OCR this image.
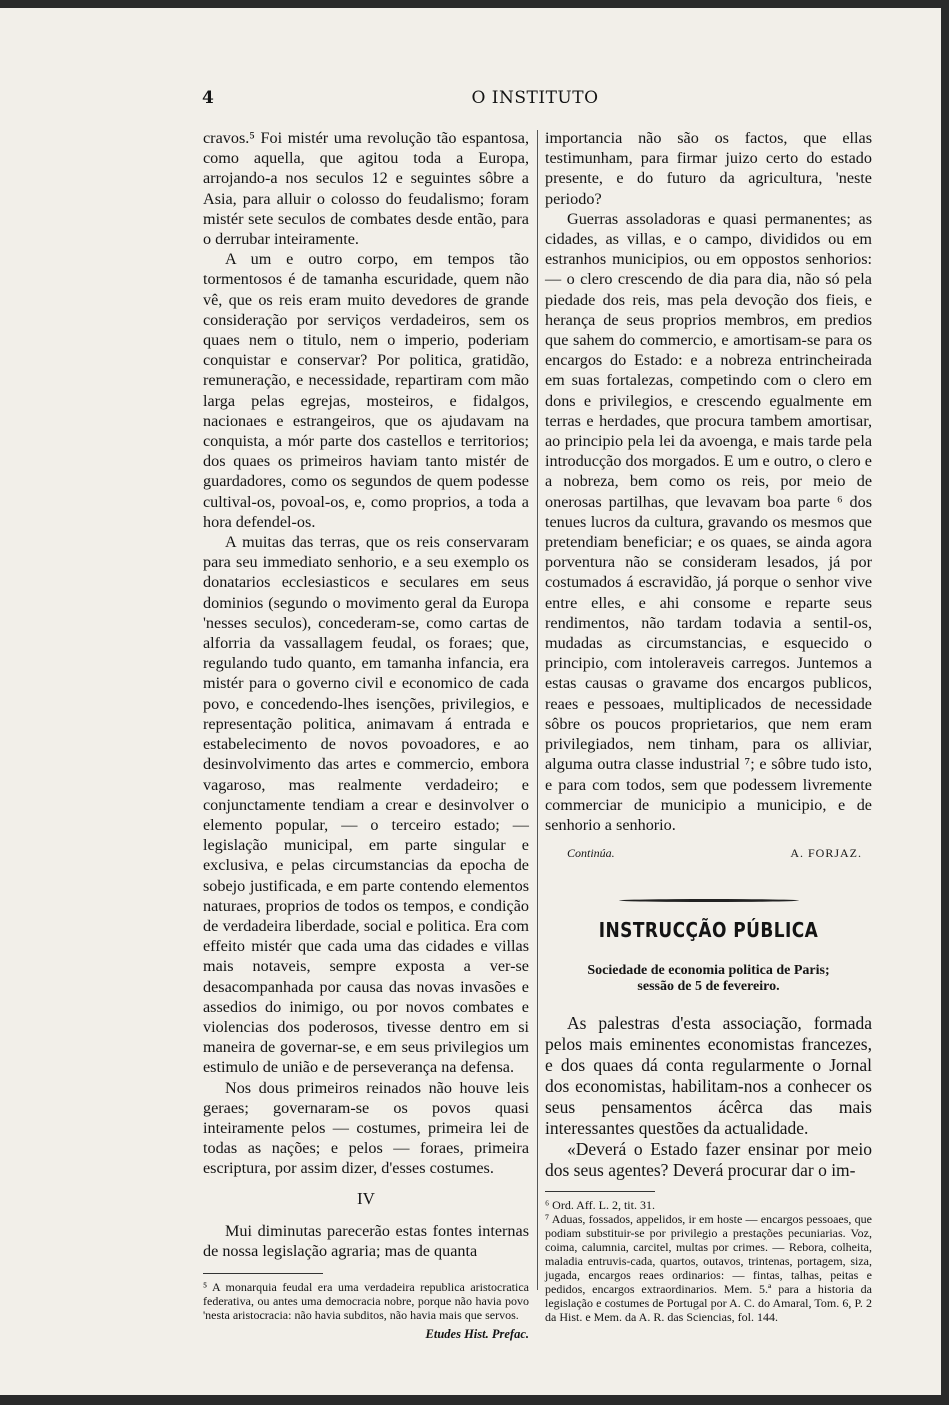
4	O INSTITUTO

cravos.⁵ Foi mistér uma revolução tão espantosa, como aquella, que agitou toda a Europa, arrojando-a nos seculos 12 e seguintes sôbre a Asia, para alluir o colosso do feudalismo; foram mistér sete seculos de combates desde então, para o derrubar inteiramente.

A um e outro corpo, em tempos tão tormentosos é de tamanha escuridade, quem não vê, que os reis eram muito devedores de grande consideração por serviços verdadeiros, sem os quaes nem o titulo, nem o imperio, poderiam conquistar e conservar? Por politica, gratidão, remuneração, e necessidade, repartiram com mão larga pelas egrejas, mosteiros, e fidalgos, nacionaes e estrangeiros, que os ajudavam na conquista, a mór parte dos castellos e territorios; dos quaes os primeiros haviam tanto mistér de guardadores, como os segundos de quem podesse cultival-os, povoal-os, e, como proprios, a toda a hora defendel-os.

A muitas das terras, que os reis conservaram para seu immediato senhorio, e a seu exemplo os donatarios ecclesiasticos e seculares em seus dominios (segundo o movimento geral da Europa 'nesses seculos), concederam-se, como cartas de alforria da vassallagem feudal, os foraes; que, regulando tudo quanto, em tamanha infancia, era mistér para o governo civil e economico de cada povo, e concedendo-lhes isenções, privilegios, e representação politica, animavam á entrada e estabelecimento de novos povoadores, e ao desinvolvimento das artes e commercio, embora vagaroso, mas realmente verdadeiro; e conjunctamente tendiam a crear e desinvolver o elemento popular, — o terceiro estado; — legislação municipal, em parte singular e exclusiva, e pelas circumstancias da epocha de sobejo justificada, e em parte contendo elementos naturaes, proprios de todos os tempos, e condição de verdadeira liberdade, social e politica. Era com effeito mistér que cada uma das cidades e villas mais notaveis, sempre exposta a ver-se desacompanhada por causa das novas invasões e assedios do inimigo, ou por novos combates e violencias dos poderosos, tivesse dentro em si maneira de governar-se, e em seus privilegios um estimulo de união e de perseverança na defensa.

Nos dous primeiros reinados não houve leis geraes; governaram-se os povos quasi inteiramente pelos — costumes, primeira lei de todas as nações; e pelos — foraes, primeira escriptura, por assim dizer, d'esses costumes.

IV

Mui diminutas parecerão estas fontes internas de nossa legislação agraria; mas de quanta

⁵ A monarquia feudal era uma verdadeira republica aristocratica federativa, ou antes uma democracia nobre, porque não havia povo 'nesta aristocracia: não havia subditos, não havia mais que servos.
Etudes Hist. Prefac.

importancia não são os factos, que ellas testimunham, para firmar juizo certo do estado presente, e do futuro da agricultura, 'neste periodo?

Guerras assoladoras e quasi permanentes; as cidades, as villas, e o campo, divididos ou em estranhos municipios, ou em oppostos senhorios: — o clero crescendo de dia para dia, não só pela piedade dos reis, mas pela devoção dos fieis, e herança de seus proprios membros, em predios que sahem do commercio, e amortisam-se para os encargos do Estado: e a nobreza entrincheirada em suas fortalezas, competindo com o clero em dons e privilegios, e crescendo egualmente em terras e herdades, que procura tambem amortisar, ao principio pela lei da avoenga, e mais tarde pela introducção dos morgados. E um e outro, o clero e a nobreza, bem como os reis, por meio de onerosas partilhas, que levavam boa parte ⁶ dos tenues lucros da cultura, gravando os mesmos que pretendiam beneficiar; e os quaes, se ainda agora porventura não se consideram lesados, já por costumados á escravidão, já porque o senhor vive entre elles, e ahi consome e reparte seus rendimentos, não tardam todavia a sentil-os, mudadas as circumstancias, e esquecido o principio, com intoleraveis carregos. Juntemos a estas causas o gravame dos encargos publicos, reaes e pessoaes, multiplicados de necessidade sôbre os poucos proprietarios, que nem eram privilegiados, nem tinham, para os alliviar, alguma outra classe industrial ⁷; e sôbre tudo isto, e para com todos, sem que podessem livremente commerciar de municipio a municipio, e de senhorio a senhorio.

Continúa.	A. FORJAZ.
INSTRUCÇÃO PÚBLICA
Sociedade de economia politica de Paris;
sessão de 5 de fevereiro.

As palestras d'esta associação, formada pelos mais eminentes economistas francezes, e dos quaes dá conta regularmente o Jornal dos economistas, habilitam-nos a conhecer os seus pensamentos ácêrca das mais interessantes questões da actualidade.

«Deverá o Estado fazer ensinar por meio dos seus agentes? Deverá procurar dar o im-

⁶ Ord. Aff. L. 2, tit. 31.
⁷ Aduas, fossados, appelidos, ir em hoste — encargos pessoaes, que podiam substituir-se por privilegio a prestações pecuniarias. Voz, coima, calumnia, carcitel, multas por crimes. — Rebora, colheita, maladia entruvis-cada, quartos, outavos, trintenas, portagem, siza, jugada, encargos reaes ordinarios: — fintas, talhas, peitas e pedidos, encargos extraordinarios. Mem. 5.ª para a historia da legislação e costumes de Portugal por A. C. do Amaral, Tom. 6, P. 2 da Hist. e Mem. da A. R. das Sciencias, fol. 144.
